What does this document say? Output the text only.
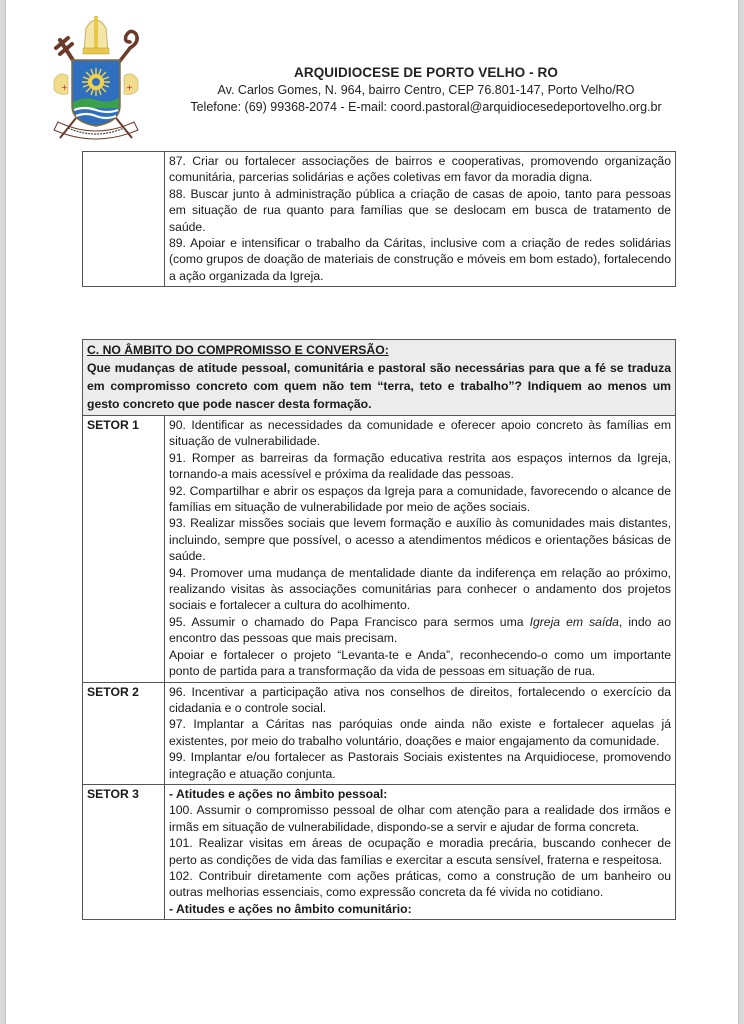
+	+
ARQUIDIOCESE DE PORTO VELHO - RO
Av. Carlos Gomes, N. 964, bairro Centro, CEP 76.801-147, Porto Velho/RO
Telefone: (69) 99368-2074 - E-mail: coord.pastoral@arquidiocesedeportovelho.org.br

87. Criar ou fortalecer associações de bairros e cooperativas, promovendo organização comunitária, parcerias solidárias e ações coletivas em favor da moradia digna.
88. Buscar junto à administração pública a criação de casas de apoio, tanto para pessoas em situação de rua quanto para famílias que se deslocam em busca de tratamento de saúde.
89. Apoiar e intensificar o trabalho da Cáritas, inclusive com a criação de redes solidárias (como grupos de doação de materiais de construção e móveis em bom estado), fortalecendo a ação organizada da Igreja.
C. NO ÂMBITO DO COMPROMISSO E CONVERSÃO:
Que mudanças de atitude pessoal, comunitária e pastoral são necessárias para que a fé se traduza em compromisso concreto com quem não tem “terra, teto e trabalho”? Indiquem ao menos um gesto concreto que pode nascer desta formação.	

SETOR 1	90. Identificar as necessidades da comunidade e oferecer apoio concreto às famílias em situação de vulnerabilidade.
91. Romper as barreiras da formação educativa restrita aos espaços internos da Igreja, tornando-a mais acessível e próxima da realidade das pessoas.
92. Compartilhar e abrir os espaços da Igreja para a comunidade, favorecendo o alcance de famílias em situação de vulnerabilidade por meio de ações sociais.
93. Realizar missões sociais que levem formação e auxílio às comunidades mais distantes, incluindo, sempre que possível, o acesso a atendimentos médicos e orientações básicas de saúde.
94. Promover uma mudança de mentalidade diante da indiferença em relação ao próximo, realizando visitas às associações comunitárias para conhecer o andamento dos projetos sociais e fortalecer a cultura do acolhimento.
95. Assumir o chamado do Papa Francisco para sermos uma Igreja em saída, indo ao encontro das pessoas que mais precisam.
Apoiar e fortalecer o projeto “Levanta-te e Anda”, reconhecendo-o como um importante ponto de partida para a transformação da vida de pessoas em situação de rua.

SETOR 2	96. Incentivar a participação ativa nos conselhos de direitos, fortalecendo o exercício da cidadania e o controle social.
97. Implantar a Cáritas nas paróquias onde ainda não existe e fortalecer aquelas já existentes, por meio do trabalho voluntário, doações e maior engajamento da comunidade.
99. Implantar e/ou fortalecer as Pastorais Sociais existentes na Arquidiocese, promovendo integração e atuação conjunta.

SETOR 3	- Atitudes e ações no âmbito pessoal:
100. Assumir o compromisso pessoal de olhar com atenção para a realidade dos irmãos e irmãs em situação de vulnerabilidade, dispondo-se a servir e ajudar de forma concreta.
101. Realizar visitas em áreas de ocupação e moradia precária, buscando conhecer de perto as condições de vida das famílias e exercitar a escuta sensível, fraterna e respeitosa.
102. Contribuir diretamente com ações práticas, como a construção de um banheiro ou outras melhorias essenciais, como expressão concreta da fé vivida no cotidiano.
- Atitudes e ações no âmbito comunitário:
